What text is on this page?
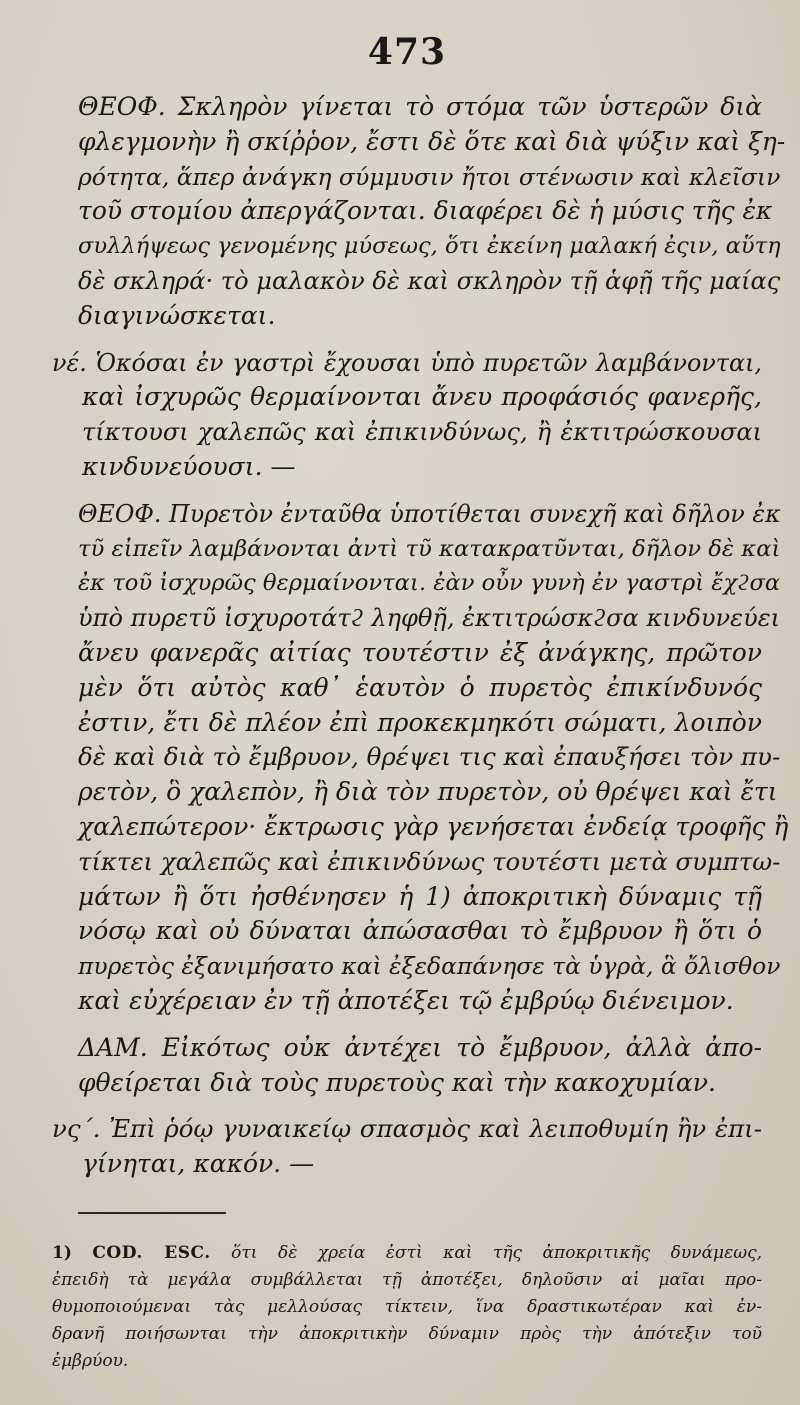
473
ΘΕΟΦ. Σκληρὸν γίνεται τὸ στόμα τῶν ὑστερῶν διὰ
φλεγμονὴν ἢ σκίῤῥον, ἔστι δὲ ὅτε καὶ διὰ ψύξιν καὶ ξη-
ρότητα, ἅπερ ἀνάγκη σύμμυσιν ἤτοι στένωσιν καὶ κλεῖσιν
τοῦ στομίου ἀπεργάζονται. διαφέρει δὲ ἡ μύσις τῆς ἐκ
συλλήψεως γενομένης μύσεως, ὅτι ἐκείνη μαλακή ἐςιν, αὕτη
δὲ σκληρά· τὸ μαλακὸν δὲ καὶ σκληρὸν τῇ ἁφῇ τῆς μαίας
διαγινώσκεται.
νέ. Ὁκόσαι ἐν γαστρὶ ἔχουσαι ὑπὸ πυρετῶν λαμβάνονται,
καὶ ἰσχυρῶς θερμαίνονται ἄνευ προφάσιός φανερῆς,
τίκτουσι χαλεπῶς καὶ ἐπικινδύνως, ἢ ἐκτιτρώσκουσαι
κινδυνεύουσι. —
ΘΕΟΦ. Πυρετὸν ἐνταῦθα ὑποτίθεται συνεχῆ καὶ δῆλον ἐκ
τῦ εἰπεῖν λαμβάνονται ἀντὶ τῦ κατακρατῦνται, δῆλον δὲ καὶ
ἐκ τοῦ ἰσχυρῶς θερμαίνονται. ἐὰν οὖν γυνὴ ἐν γαστρὶ ἔχϩσα
ὑπὸ πυρετῦ ἰσχυροτάτϩ ληφθῇ, ἐκτιτρώσκϩσα κινδυνεύει
ἄνευ φανερᾶς αἰτίας τουτέστιν ἐξ ἀνάγκης, πρῶτον
μὲν ὅτι αὐτὸς καθ᾽ ἑαυτὸν ὁ πυρετὸς ἐπικίνδυνός
ἐστιν, ἔτι δὲ πλέον ἐπὶ προκεκμηκότι σώματι, λοιπὸν
δὲ καὶ διὰ τὸ ἔμβρυον, θρέψει τις καὶ ἐπαυξήσει τὸν πυ-
ρετὸν, ὃ χαλεπὸν, ἢ διὰ τὸν πυρετὸν, οὐ θρέψει καὶ ἔτι
χαλεπώτερον· ἔκτρωσις γὰρ γενήσεται ἐνδείᾳ τροφῆς ἢ
τίκτει χαλεπῶς καὶ ἐπικινδύνως τουτέστι μετὰ συμπτω-
μάτων ἢ ὅτι ἠσθένησεν ἡ 1) ἀποκριτικὴ δύναμις τῇ
νόσῳ καὶ οὐ δύναται ἀπώσασθαι τὸ ἔμβρυον ἢ ὅτι ὁ
πυρετὸς ἐξανιμήσατο καὶ ἐξεδαπάνησε τὰ ὑγρὰ, ἃ ὄλισθον
καὶ εὐχέρειαν ἐν τῇ ἀποτέξει τῷ ἐμβρύῳ διένειμον.
ΔΑΜ. Εἰκότως οὐκ ἀντέχει τὸ ἔμβρυον, ἀλλὰ ἀπο-
φθείρεται διὰ τοὺς πυρετοὺς καὶ τὴν κακοχυμίαν.
νς΄. Ἐπὶ ῥόῳ γυναικείῳ σπασμὸς καὶ λειποθυμίη ἢν ἐπι-
γίνηται, κακόν. —
1) COD. ESC. ὅτι δὲ χρεία ἐστὶ καὶ τῆς ἀποκριτικῆς δυνάμεως,
ἐπειδὴ τὰ μεγάλα συμβάλλεται τῇ ἀποτέξει, δηλοῦσιν αἱ μαῖαι προ-
θυμοποιούμεναι τὰς μελλούσας τίκτειν, ἵνα δραστικωτέραν καὶ ἐν-
δρανῆ ποιήσωνται τὴν ἀποκριτικὴν δύναμιν πρὸς τὴν ἀπότεξιν τοῦ
ἐμβρύου.
